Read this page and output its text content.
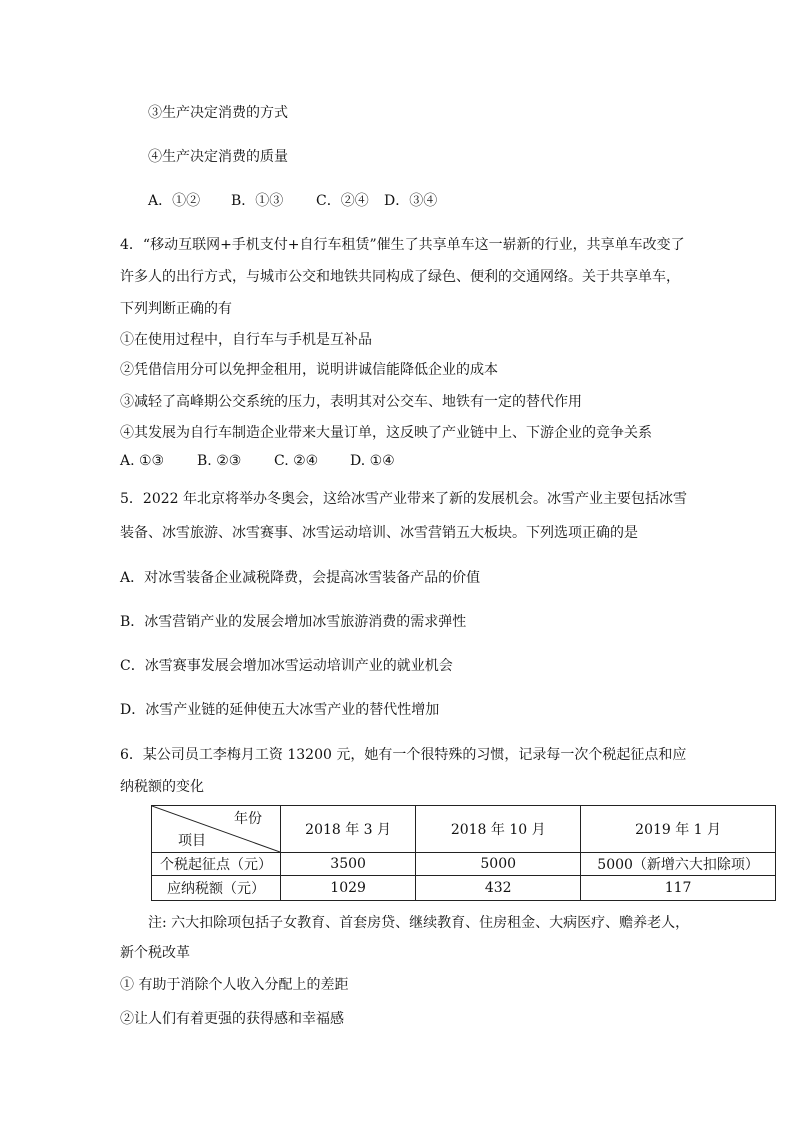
③生产决定消费的方式
④生产决定消费的质量
A．①② B．①③ C．②④ D．③④
4．“移动互联网+手机支付+自行车租赁”催生了共享单车这一崭新的行业，共享单车改变了
许多人的出行方式，与城市公交和地铁共同构成了绿色、便利的交通网络。关于共享单车，
下列判断正确的有
①在使用过程中，自行车与手机是互补品
②凭借信用分可以免押金租用，说明讲诚信能降低企业的成本
③减轻了高峰期公交系统的压力，表明其对公交车、地铁有一定的替代作用
④其发展为自行车制造企业带来大量订单，这反映了产业链中上、下游企业的竞争关系
A. ①③ B. ②③ C. ②④ D. ①④
5．2022 年北京将举办冬奥会，这给冰雪产业带来了新的发展机会。冰雪产业主要包括冰雪
装备、冰雪旅游、冰雪赛事、冰雪运动培训、冰雪营销五大板块。下列选项正确的是
A．对冰雪装备企业减税降费，会提高冰雪装备产品的价值
B．冰雪营销产业的发展会增加冰雪旅游消费的需求弹性
C．冰雪赛事发展会增加冰雪运动培训产业的就业机会
D．冰雪产业链的延伸使五大冰雪产业的替代性增加
6．某公司员工李梅月工资 13200 元，她有一个很特殊的习惯，记录每一次个税起征点和应
纳税额的变化
年份
项目	2018 年 3 月	2018 年 10 月	2019 年 1 月
个税起征点（元）	3500	5000	5000（新增六大扣除项）
应纳税额（元）	1029	432	117
注: 六大扣除项包括子女教育、首套房贷、继续教育、住房租金、大病医疗、赡养老人，
新个税改革
① 有助于消除个人收入分配上的差距
②让人们有着更强的获得感和幸福感
